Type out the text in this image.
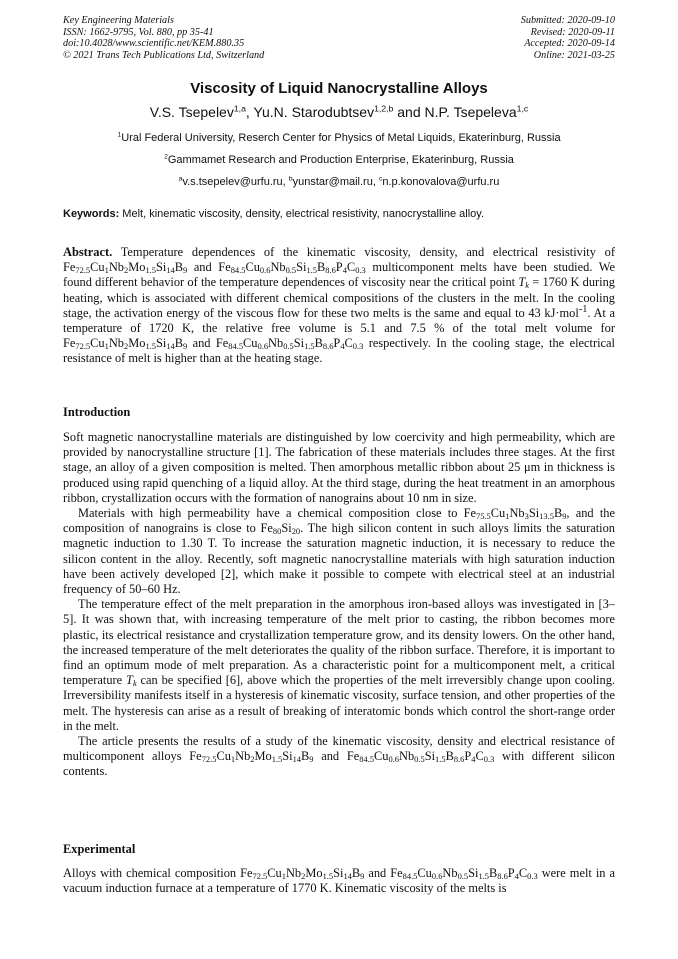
Key Engineering Materials
ISSN: 1662-9795, Vol. 880, pp 35-41
doi:10.4028/www.scientific.net/KEM.880.35
© 2021 Trans Tech Publications Ltd, Switzerland
Submitted: 2020-09-10
Revised: 2020-09-11
Accepted: 2020-09-14
Online: 2021-03-25
Viscosity of Liquid Nanocrystalline Alloys
V.S. Tsepelev$^{1,a}$, Yu.N. Starodubtsev$^{1,2,b}$ and N.P. Tsepeleva$^{1,c}$
$^1$Ural Federal University, Reserch Center for Physics of Metal Liquids, Ekaterinburg, Russia
$^2$Gammamet Research and Production Enterprise, Ekaterinburg, Russia
$^a$v.s.tsepelev@urfu.ru, $^b$yunstar@mail.ru, $^c$n.p.konovalova@urfu.ru
Keywords: Melt, kinematic viscosity, density, electrical resistivity, nanocrystalline alloy.

Abstract. Temperature dependences of the kinematic viscosity, density, and electrical resistivity of $Fe_{72.5}Cu_1Nb_2Mo_{1.5}Si_{14}B_9$ and $Fe_{84.5}Cu_{0.6}Nb_{0.5}Si_{1.5}B_{8.6}P_4C_{0.3}$ multicomponent melts have been studied. We found different behavior of the temperature dependences of viscosity near the critical point $T_k = 1760$ K during heating, which is associated with different chemical compositions of the clusters in the melt. In the cooling stage, the activation energy of the viscous flow for these two melts is the same and equal to 43 kJ·mol$^{-1}$. At a temperature of 1720 K, the relative free volume is 5.1 and 7.5 % of the total melt volume for $Fe_{72.5}Cu_1Nb_2Mo_{1.5}Si_{14}B_9$ and $Fe_{84.5}Cu_{0.6}Nb_{0.5}Si_{1.5}B_{8.6}P_4C_{0.3}$ respectively. In the cooling stage, the electrical resistance of melt is higher than at the heating stage.

Introduction

Soft magnetic nanocrystalline materials are distinguished by low coercivity and high permeability, which are provided by nanocrystalline structure [1]. The fabrication of these materials includes three stages. At the first stage, an alloy of a given composition is melted. Then amorphous metallic ribbon about 25 μm in thickness is produced using rapid quenching of a liquid alloy. At the third stage, during the heat treatment in an amorphous ribbon, crystallization occurs with the formation of nanograins about 10 nm in size.

Materials with high permeability have a chemical composition close to $Fe_{75.5}Cu_1Nb_3Si_{13.5}B_9$, and the composition of nanograins is close to $Fe_{80}Si_{20}$. The high silicon content in such alloys limits the saturation magnetic induction to 1.30 T. To increase the saturation magnetic induction, it is necessary to reduce the silicon content in the alloy. Recently, soft magnetic nanocrystalline materials with high saturation induction have been actively developed [2], which make it possible to compete with electrical steel at an industrial frequency of 50–60 Hz.

The temperature effect of the melt preparation in the amorphous iron-based alloys was investigated in [3–5]. It was shown that, with increasing temperature of the melt prior to casting, the ribbon becomes more plastic, its electrical resistance and crystallization temperature grow, and its density lowers. On the other hand, the increased temperature of the melt deteriorates the quality of the ribbon surface. Therefore, it is important to find an optimum mode of melt preparation. As a characteristic point for a multicomponent melt, a critical temperature $T_k$ can be specified [6], above which the properties of the melt irreversibly change upon cooling. Irreversibility manifests itself in a hysteresis of kinematic viscosity, surface tension, and other properties of the melt. The hysteresis can arise as a result of breaking of interatomic bonds which control the short-range order in the melt.

The article presents the results of a study of the kinematic viscosity, density and electrical resistance of multicomponent alloys $Fe_{72.5}Cu_1Nb_2Mo_{1.5}Si_{14}B_9$ and $Fe_{84.5}Cu_{0.6}Nb_{0.5}Si_{1.5}B_{8.6}P_4C_{0.3}$ with different silicon contents.

Experimental

Alloys with chemical composition $Fe_{72.5}Cu_1Nb_2Mo_{1.5}Si_{14}B_9$ and $Fe_{84.5}Cu_{0.6}Nb_{0.5}Si_{1.5}B_{8.6}P_4C_{0.3}$ were melt in a vacuum induction furnace at a temperature of 1770 K. Kinematic viscosity of the melts is
